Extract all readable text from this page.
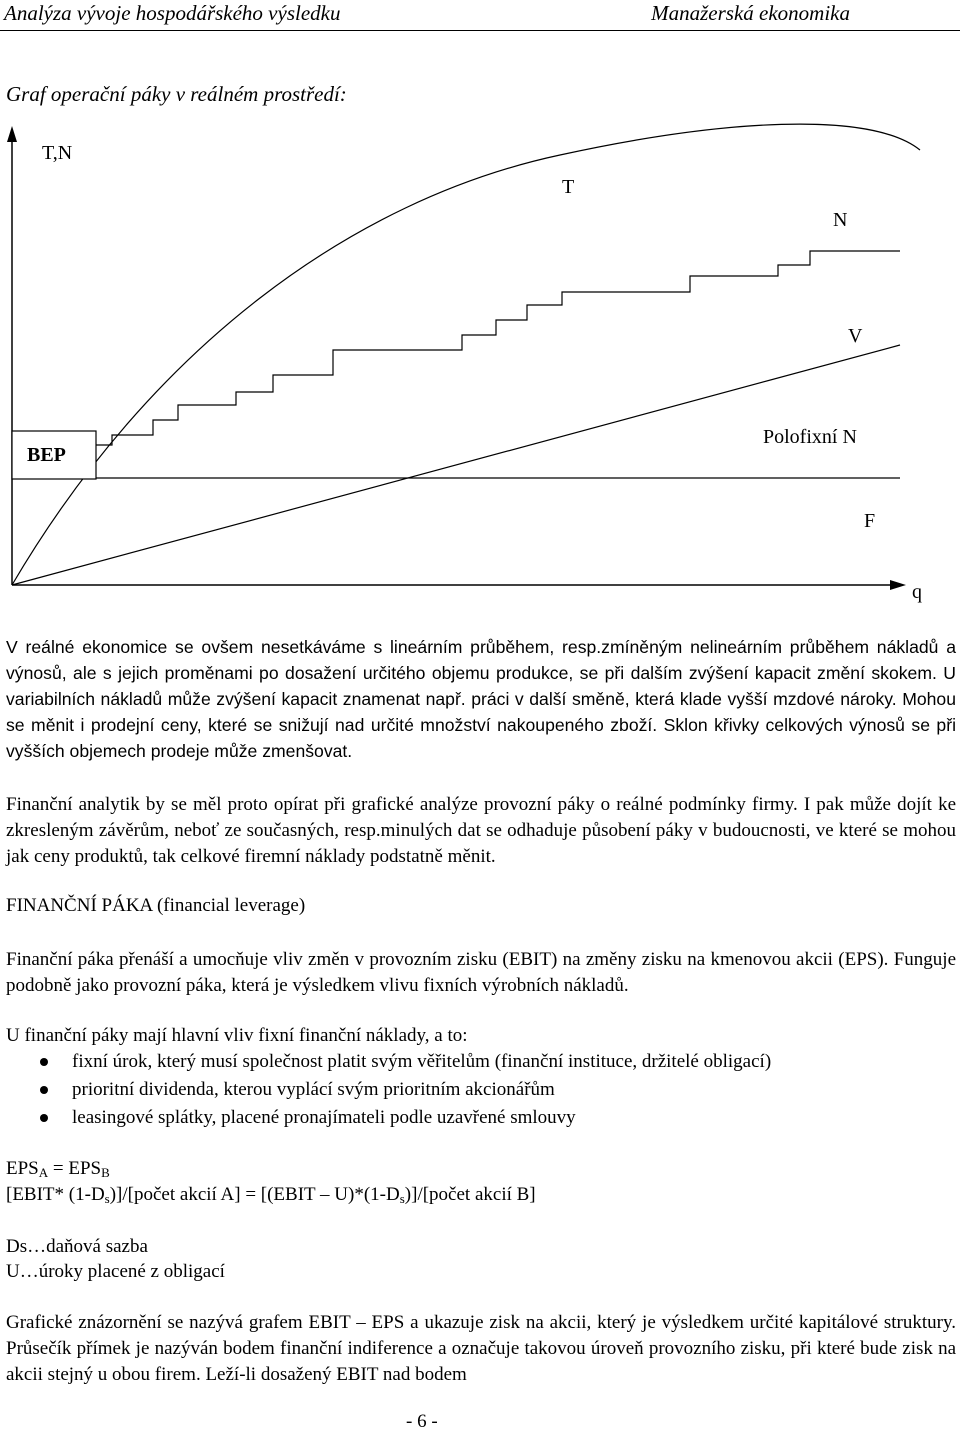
Analýza vývoje hospodářského výsledku	Manažerská ekonomika
Graf operační páky v reálném prostředí:
BEP
T,N
q
T
N
V
Polofixní N
F
V reálné ekonomice se ovšem nesetkáváme s lineárním průběhem, resp.zmíněným nelineárním průběhem nákladů a výnosů, ale s jejich proměnami po dosažení určitého objemu produkce, se při dalším zvýšení kapacit změní skokem. U variabilních nákladů může zvýšení kapacit znamenat např. práci v další směně, která klade vyšší mzdové nároky. Mohou se měnit i prodejní ceny, které se snižují nad určité množství nakoupeného zboží. Sklon křivky celkových výnosů se při vyšších objemech prodeje může zmenšovat.
Finanční analytik by se měl proto opírat při grafické analýze provozní páky o reálné podmínky firmy. I pak může dojít ke zkresleným závěrům, neboť ze současných, resp.minulých dat se odhaduje působení páky v budoucnosti, ve které se mohou jak ceny produktů, tak celkové firemní náklady podstatně měnit.
FINANČNÍ PÁKA (financial leverage)
Finanční páka přenáší a umocňuje vliv změn v provozním zisku (EBIT) na změny zisku na kmenovou akcii (EPS). Funguje podobně jako provozní páka, která je výsledkem vlivu fixních výrobních nákladů.
U finanční páky mají hlavní vliv fixní finanční náklady, a to:
fixní úrok, který musí společnost platit svým věřitelům (finanční instituce, držitelé obligací)
prioritní dividenda, kterou vyplácí svým prioritním akcionářům
leasingové splátky, placené pronajímateli podle uzavřené smlouvy
$EPS_A = EPS_B$
[EBIT* $(1-D_s)]/[počet$ akcií A] = [(EBIT – $U)*(1-D_s)]/[počet$ akcií B]
Ds…daňová sazba
U…úroky placené z obligací
Grafické znázornění se nazývá grafem EBIT – EPS a ukazuje zisk na akcii, který je výsledkem určité kapitálové struktury. Průsečík přímek je nazýván bodem finanční indiference a označuje takovou úroveň provozního zisku, při které bude zisk na akcii stejný u obou firem. Leží-li dosažený EBIT nad bodem
- 6 -
